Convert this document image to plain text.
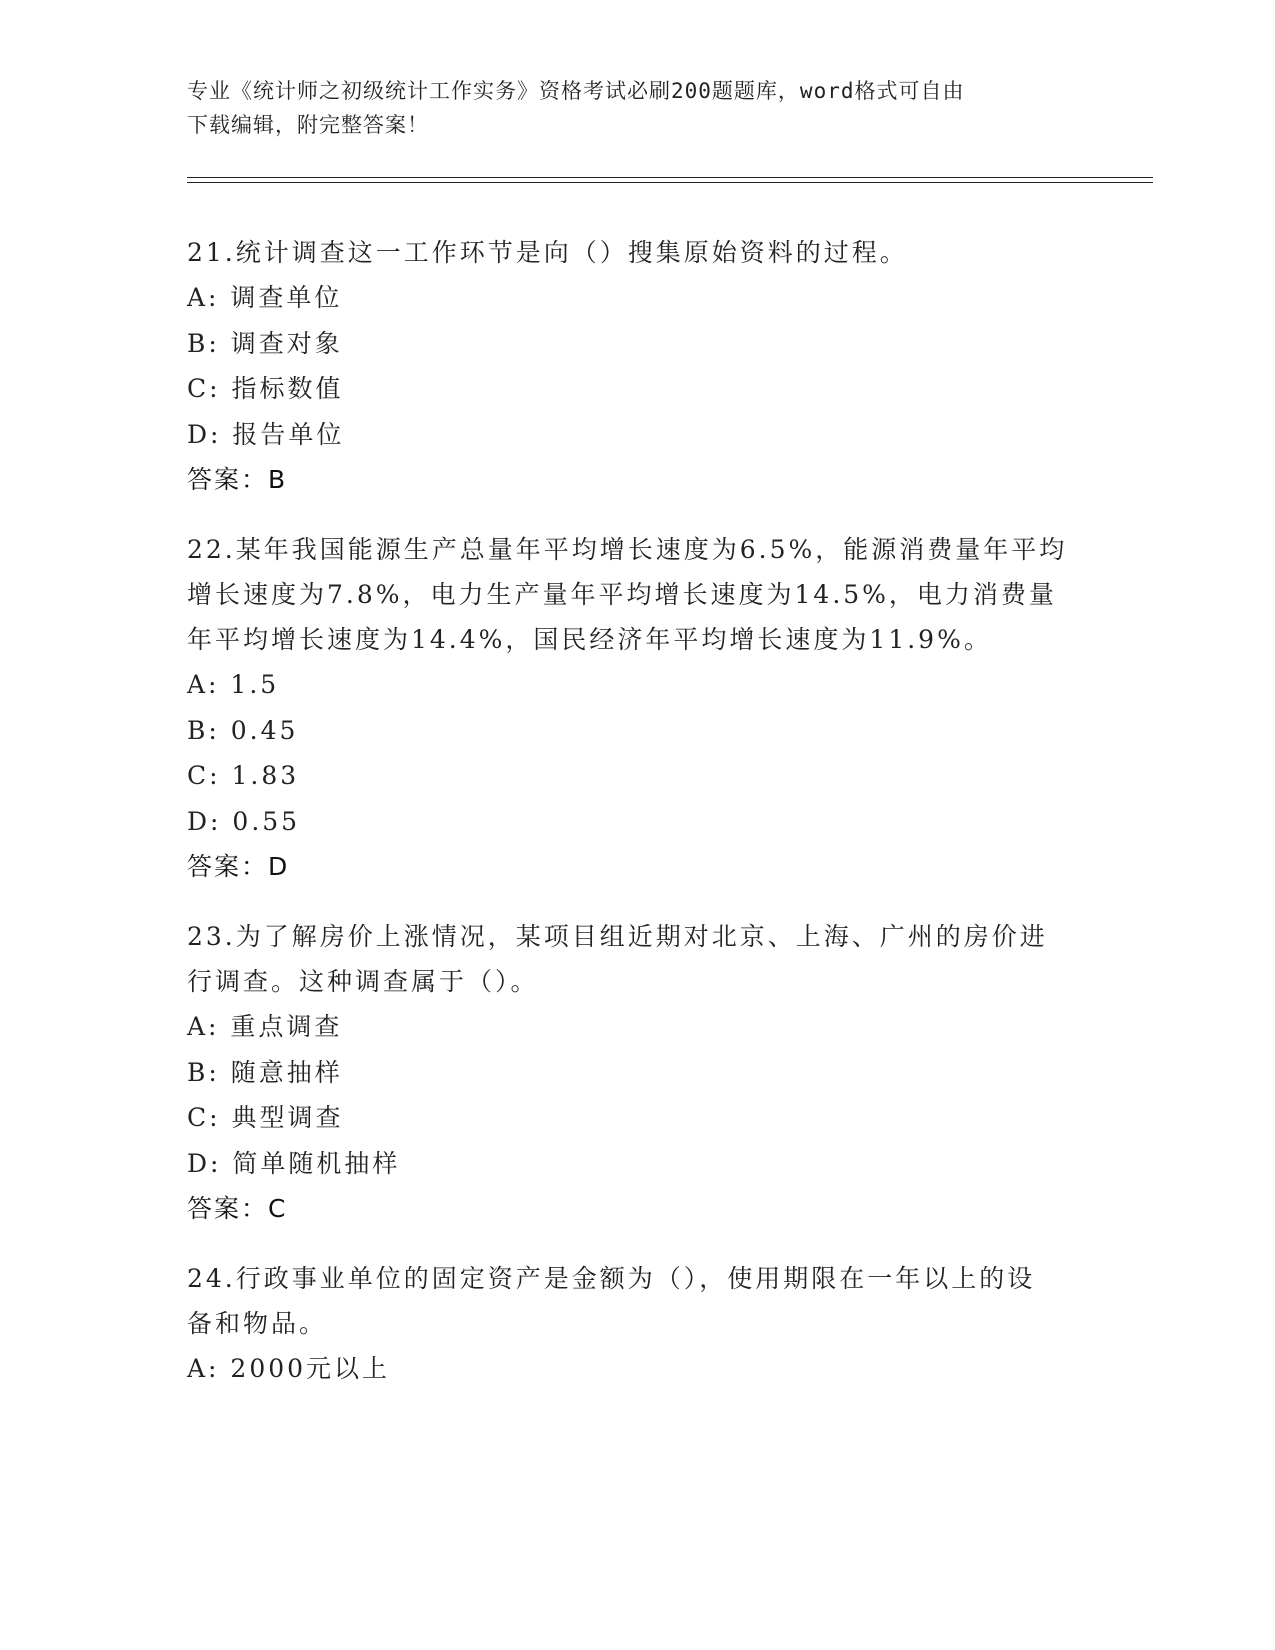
专业《统计师之初级统计工作实务》资格考试必刷200题题库，word格式可自由
下载编辑，附完整答案！
21.统计调查这一工作环节是向（）搜集原始资料的过程。
A: 调查单位
B: 调查对象
C: 指标数值
D: 报告单位
答案：B
22.某年我国能源生产总量年平均增长速度为6.5%，能源消费量年平均
增长速度为7.8%，电力生产量年平均增长速度为14.5%，电力消费量
年平均增长速度为14.4%，国民经济年平均增长速度为11.9%。
A: 1.5
B: 0.45
C: 1.83
D: 0.55
答案：D
23.为了解房价上涨情况，某项目组近期对北京、上海、广州的房价进
行调查。这种调查属于（）。
A: 重点调查
B: 随意抽样
C: 典型调查
D: 简单随机抽样
答案：C
24.行政事业单位的固定资产是金额为（），使用期限在一年以上的设
备和物品。
A: 2000元以上
